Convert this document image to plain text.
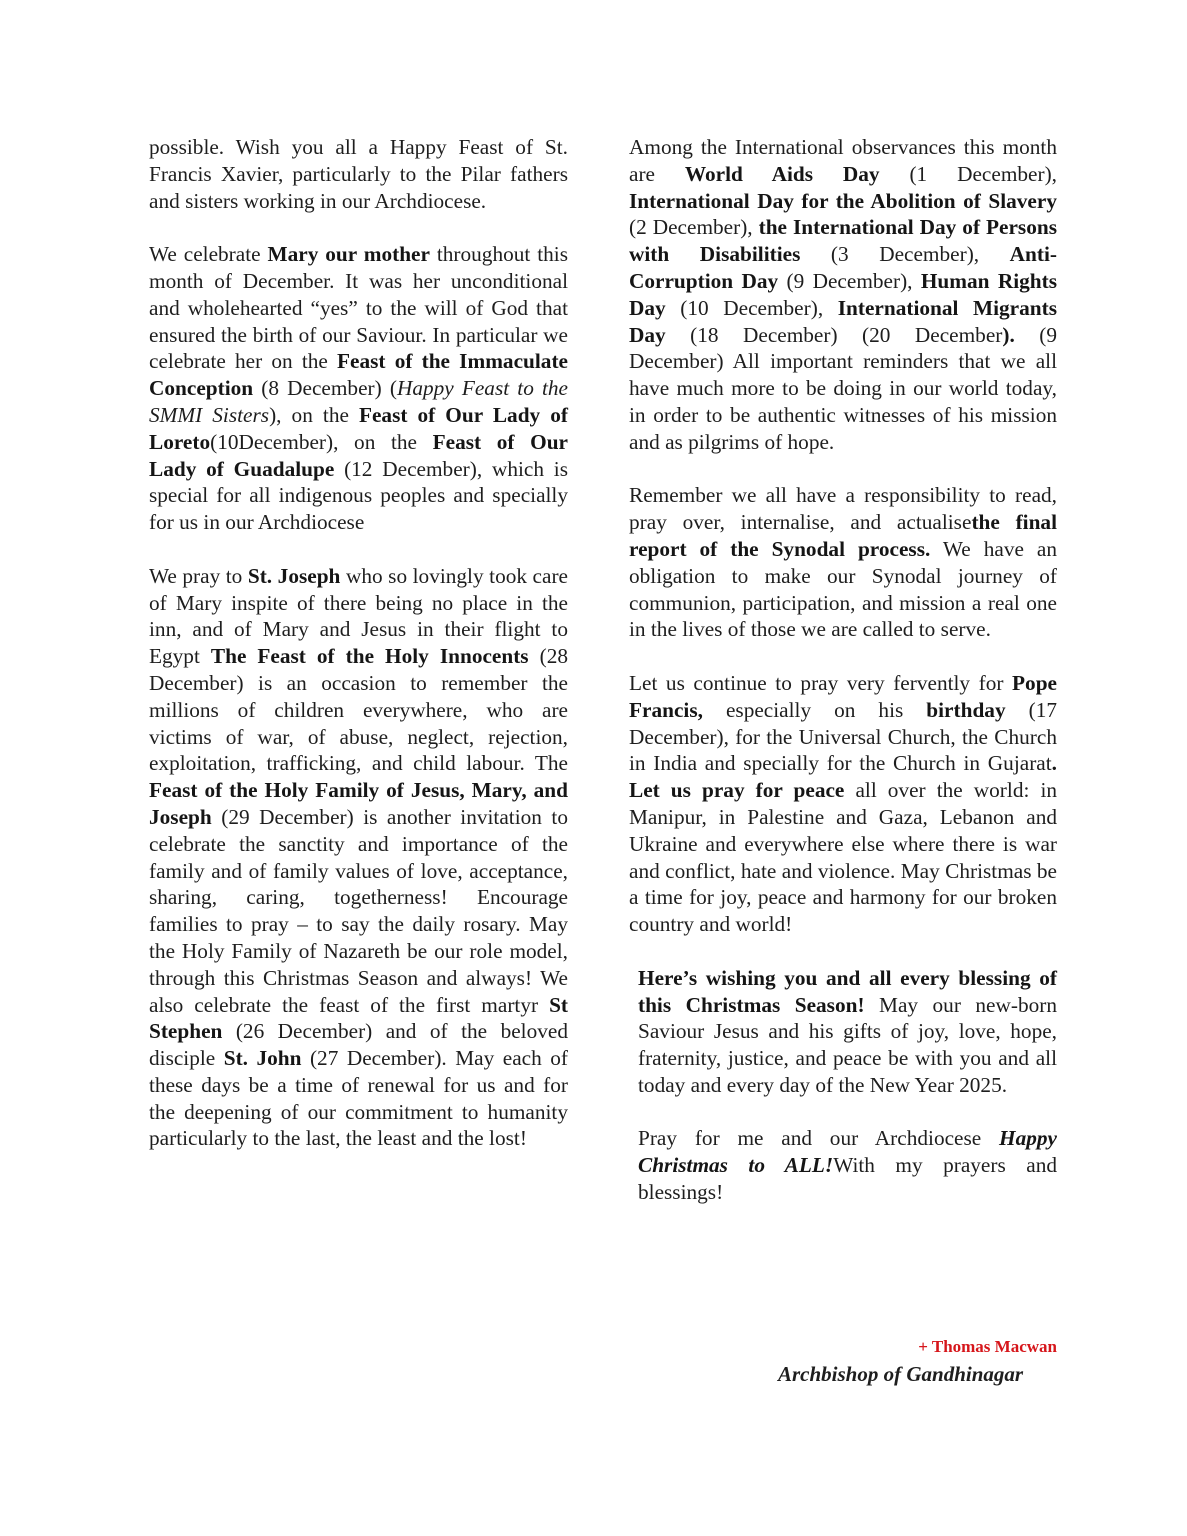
possible. Wish you all a Happy Feast of St. Francis Xavier, particularly to the Pilar fathers and sisters working in our Archdiocese.

We celebrate Mary our mother throughout this month of December. It was her unconditional and wholehearted “yes” to the will of God that ensured the birth of our Saviour. In particular we celebrate her on the Feast of the Immaculate Conception (8 December) (Happy Feast to the SMMI Sisters), on the Feast of Our Lady of Loreto(10December), on the Feast of Our Lady of Guadalupe (12 December), which is special for all indigenous peoples and specially for us in our Archdiocese

We pray to St. Joseph who so lovingly took care of Mary inspite of there being no place in the inn, and of Mary and Jesus in their flight to Egypt The Feast of the Holy Innocents (28 December) is an occasion to remember the millions of children everywhere, who are victims of war, of abuse, neglect, rejection, exploitation, trafficking, and child labour. The Feast of the Holy Family of Jesus, Mary, and Joseph (29 December) is another invitation to celebrate the sanctity and importance of the family and of family values of love, acceptance, sharing, caring, togetherness! Encourage families to pray – to say the daily rosary. May the Holy Family of Nazareth be our role model, through this Christmas Season and always! We also celebrate the feast of the first martyr St Stephen (26 December) and of the beloved disciple St. John (27 December). May each of these days be a time of renewal for us and for the deepening of our commitment to humanity particularly to the last, the least and the lost!

Among the International observances this month are World Aids Day (1 December), International Day for the Abolition of Slavery (2 December), the International Day of Persons with Disabilities (3 December), Anti-Corruption Day (9 December), Human Rights Day (10 December), International Migrants Day (18 December) (20 December). (9 December) All important reminders that we all have much more to be doing in our world today, in order to be authentic witnesses of his mission and as pilgrims of hope.

Remember we all have a responsibility to read, pray over, internalise, and actualisethe final report of the Synodal process. We have an obligation to make our Synodal journey of communion, participation, and mission a real one in the lives of those we are called to serve.

Let us continue to pray very fervently for Pope Francis, especially on his birthday (17 December), for the Universal Church, the Church in India and specially for the Church in Gujarat. Let us pray for peace all over the world: in Manipur, in Palestine and Gaza, Lebanon and Ukraine and everywhere else where there is war and conflict, hate and violence. May Christmas be a time for joy, peace and harmony for our broken country and world!

Here’s wishing you and all every blessing of this Christmas Season! May our new-born Saviour Jesus and his gifts of joy, love, hope, fraternity, justice, and peace be with you and all today and every day of the New Year 2025.

Pray for me and our Archdiocese Happy Christmas to ALL!With my prayers and blessings!

+ Thomas Macwan
Archbishop of Gandhinagar
